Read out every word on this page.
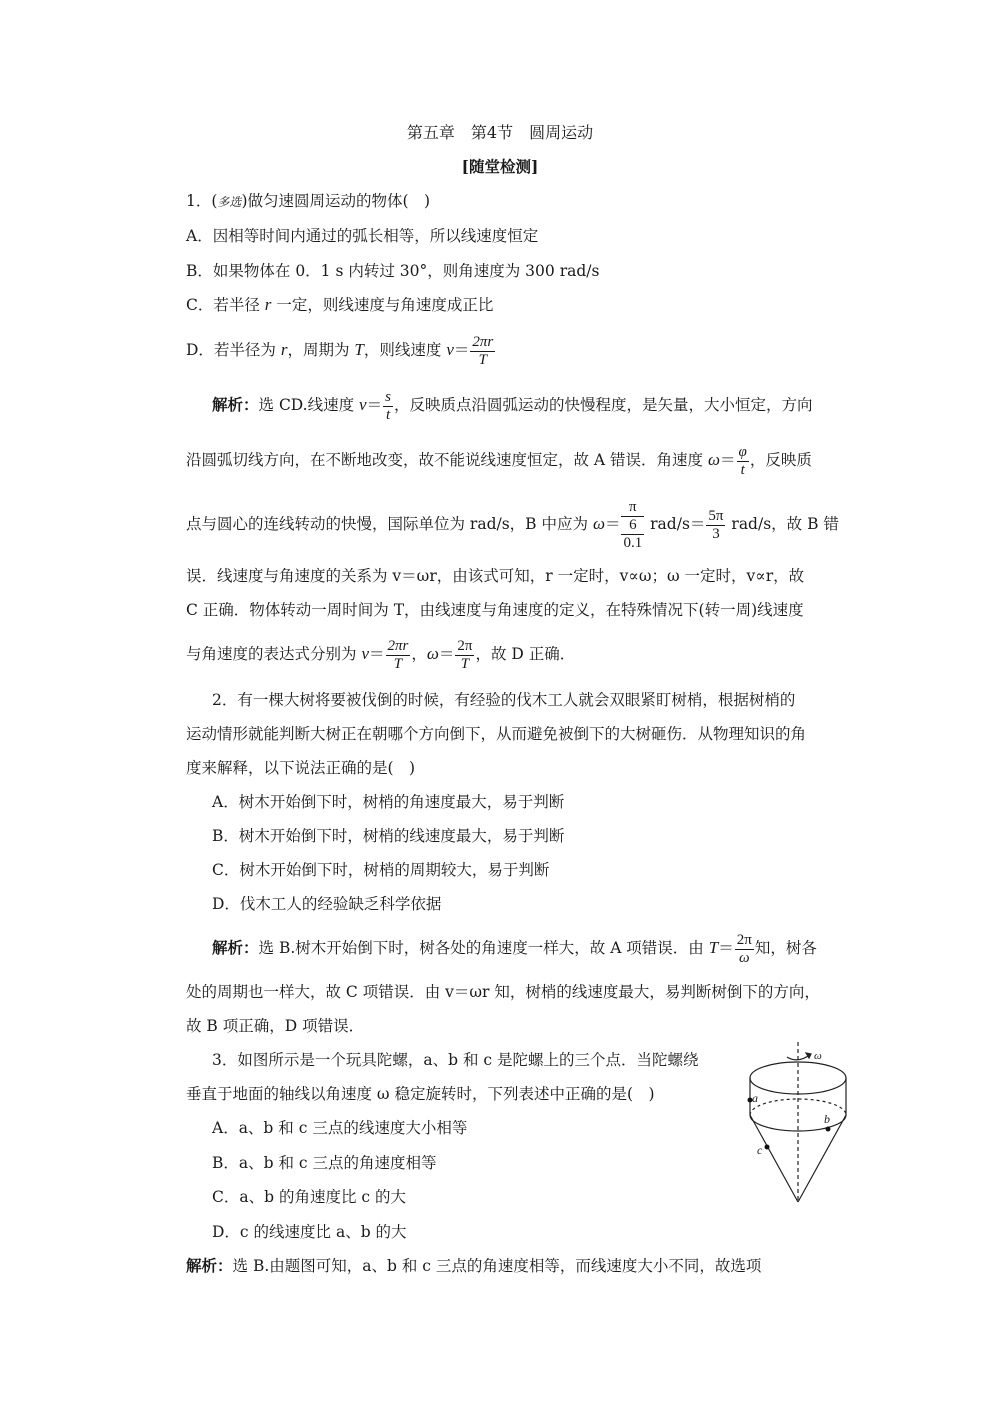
第五章　第4节　圆周运动
[随堂检测]
1．(多选)做匀速圆周运动的物体(　)
A．因相等时间内通过的弧长相等，所以线速度恒定
B．如果物体在 0．1 s 内转过 30°，则角速度为 300 rad/s
C．若半径 r 一定，则线速度与角速度成正比
D．若半径为 r，周期为 T，则线速度 $v= \frac{2\pi r}{T}$
解析：选 CD.线速度 $v= \frac{s}{t}$ ，反映质点沿圆弧运动的快慢程度，是矢量，大小恒定，方向
沿圆弧切线方向，在不断地改变，故不能说线速度恒定，故 A 错误．角速度 $\omega= \frac{\varphi}{t}$ ，反映质
点与圆心的连线转动的快慢，国际单位为 rad/s，B 中应为 ω＝
π
6
0.1
$rad/s= \frac{5\pi}{3} rad/s$，故 B 错
误．线速度与角速度的关系为 v＝ωr，由该式可知，r 一定时，v∝ω；ω 一定时，v∝r，故
C 正确．物体转动一周时间为 T，由线速度与角速度的定义，在特殊情况下(转一周)线速度
与角速度的表达式分别为 $v= \frac{2\pi r}{T}$ ，$\omega= \frac{2\pi}{T}$ ，故 D 正确．
2．有一棵大树将要被伐倒的时候，有经验的伐木工人就会双眼紧盯树梢，根据树梢的
运动情形就能判断大树正在朝哪个方向倒下，从而避免被倒下的大树砸伤．从物理知识的角
度来解释，以下说法正确的是(　)
A．树木开始倒下时，树梢的角速度最大，易于判断
B．树木开始倒下时，树梢的线速度最大，易于判断
C．树木开始倒下时，树梢的周期较大，易于判断
D．伐木工人的经验缺乏科学依据
解析：选 B.树木开始倒下时，树各处的角速度一样大，故 A 项错误．由 $T= \frac{2\pi}{\omega}$ 知，树各
处的周期也一样大，故 C 项错误．由 v＝ωr 知，树梢的线速度最大，易判断树倒下的方向，
故 B 项正确，D 项错误．
3．如图所示是一个玩具陀螺，a、b 和 c 是陀螺上的三个点．当陀螺绕
垂直于地面的轴线以角速度 ω 稳定旋转时，下列表述中正确的是(　)
A．a、b 和 c 三点的线速度大小相等
B．a、b 和 c 三点的角速度相等
C．a、b 的角速度比 c 的大
D．c 的线速度比 a、b 的大
解析：选 B.由题图可知，a、b 和 c 三点的角速度相等，而线速度大小不同，故选项
ω
a
b
c
